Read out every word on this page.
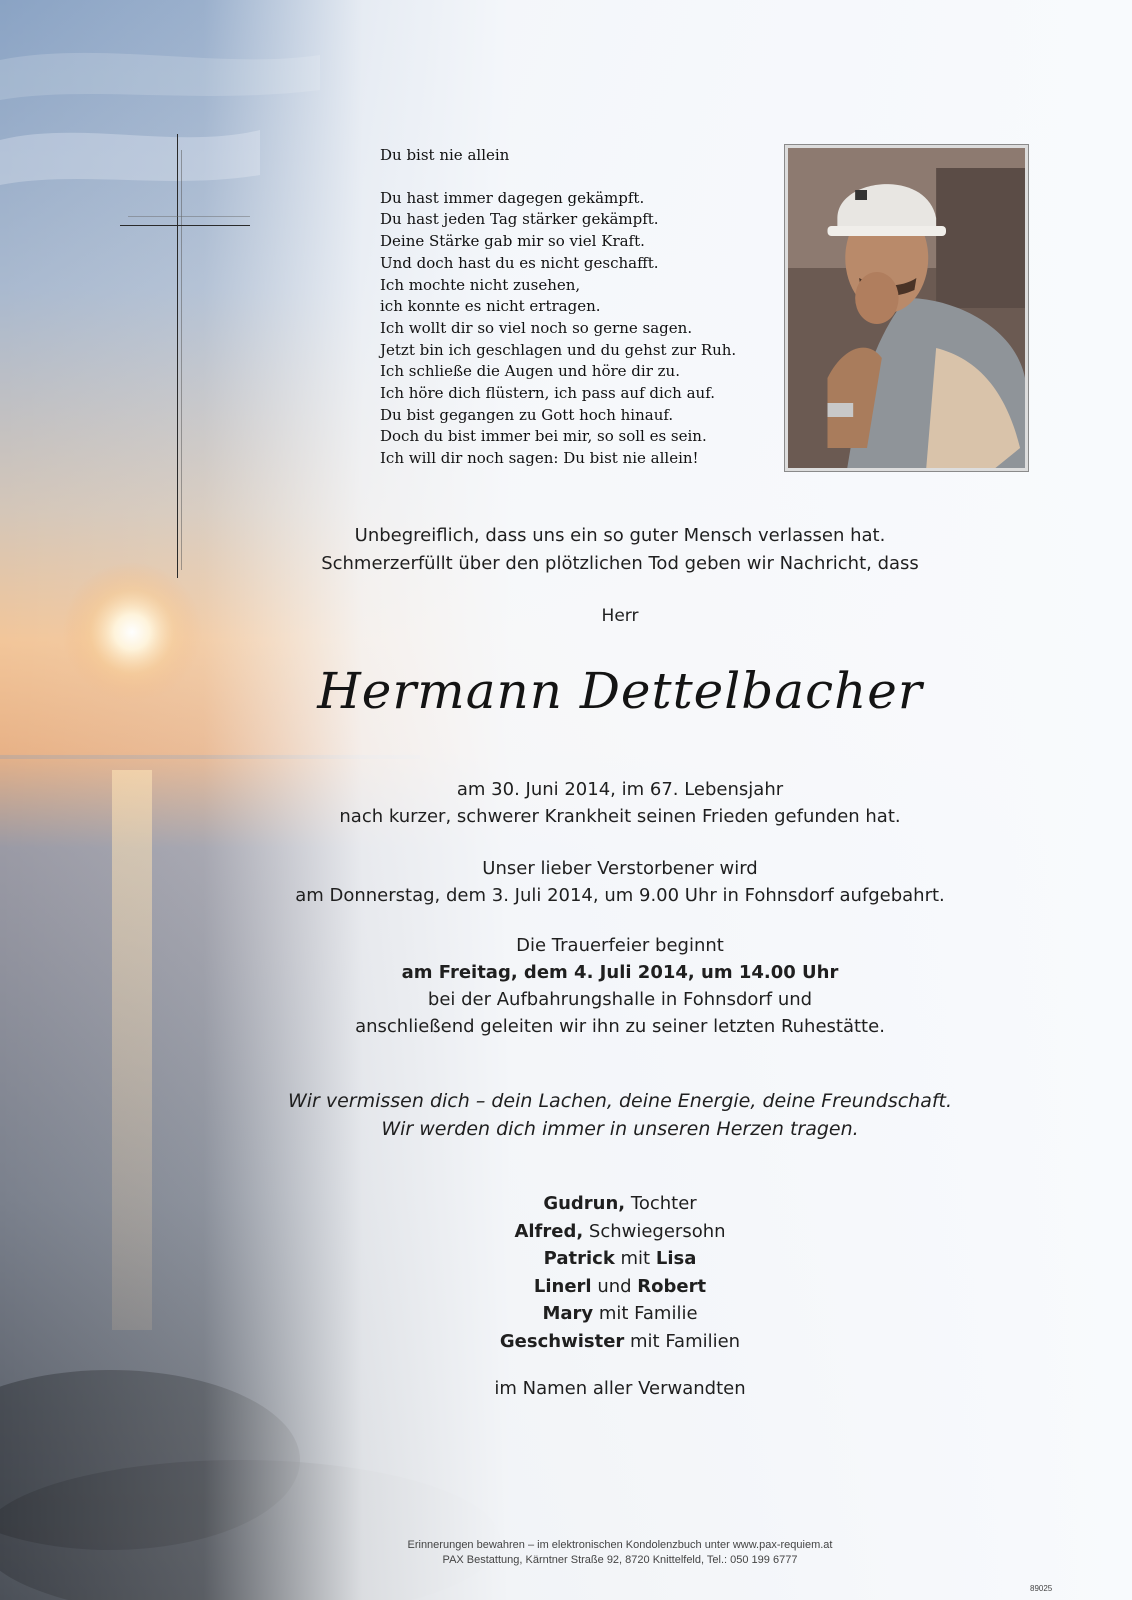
Du bist nie allein
Du hast immer dagegen gekämpft.
Du hast jeden Tag stärker gekämpft.
Deine Stärke gab mir so viel Kraft.
Und doch hast du es nicht geschafft.
Ich mochte nicht zusehen,
ich konnte es nicht ertragen.
Ich wollt dir so viel noch so gerne sagen.
Jetzt bin ich geschlagen und du gehst zur Ruh.
Ich schließe die Augen und höre dir zu.
Ich höre dich flüstern, ich pass auf dich auf.
Du bist gegangen zu Gott hoch hinauf.
Doch du bist immer bei mir, so soll es sein.
Ich will dir noch sagen: Du bist nie allein!
Unbegreiflich, dass uns ein so guter Mensch verlassen hat.
Schmerzerfüllt über den plötzlichen Tod geben wir Nachricht, dass
Herr
Hermann Dettelbacher
am 30. Juni 2014, im 67. Lebensjahr
nach kurzer, schwerer Krankheit seinen Frieden gefunden hat.
Unser lieber Verstorbener wird
am Donnerstag, dem 3. Juli 2014, um 9.00 Uhr in Fohnsdorf aufgebahrt.
Die Trauerfeier beginnt
am Freitag, dem 4. Juli 2014, um 14.00 Uhr
bei der Aufbahrungshalle in Fohnsdorf und
anschließend geleiten wir ihn zu seiner letzten Ruhestätte.
Wir vermissen dich – dein Lachen, deine Energie, deine Freundschaft.
Wir werden dich immer in unseren Herzen tragen.
Gudrun, Tochter
Alfred, Schwiegersohn
Patrick mit Lisa
Linerl und Robert
Mary mit Familie
Geschwister mit Familien
im Namen aller Verwandten
Erinnerungen bewahren – im elektronischen Kondolenzbuch unter www.pax-requiem.at
PAX Bestattung, Kärntner Straße 92, 8720 Knittelfeld, Tel.: 050 199 6777
89025
